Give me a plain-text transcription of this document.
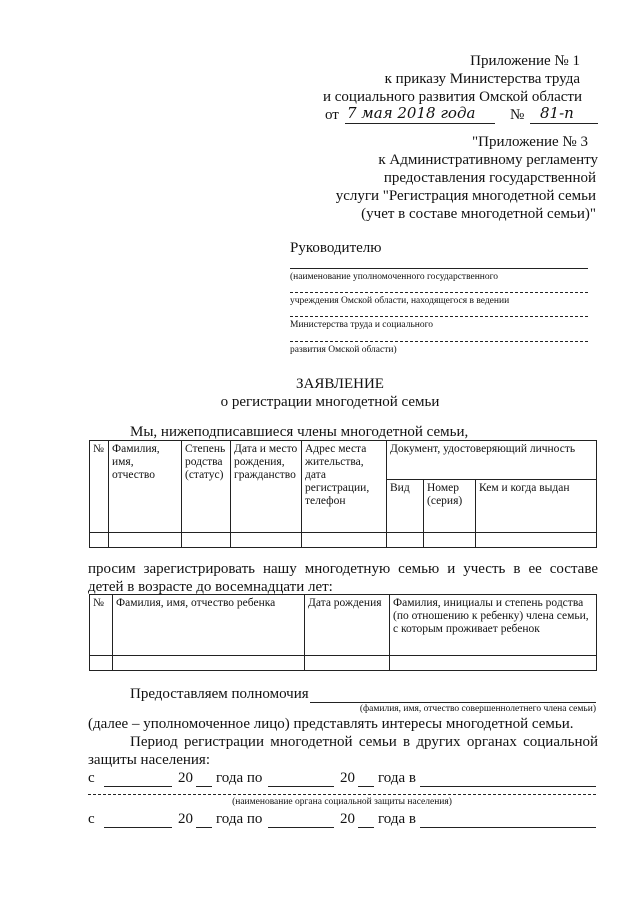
Приложение № 1
к приказу Министерства труда
и социального развития Омской области
от 7 мая 2018 года № 81-п
"Приложение № 3
к Административному регламенту
предоставления государственной
услуги "Регистрация многодетной семьи
(учет в составе многодетной семьи)"
Руководителю
(наименование уполномоченного государственного
учреждения Омской области, находящегося в ведении
Министерства труда и социального
развития Омской области)
ЗАЯВЛЕНИЕ
о регистрации многодетной семьи
Мы, нижеподписавшиеся члены многодетной семьи,
№	Фамилия, имя, отчество	Степень родства (статус)	Дата и место рождения, гражданство	Адрес места жительства, дата регистрации, телефон	Документ, удостоверяющий личность		
					Вид	Номер (серия)	Кем и когда выдан

просим зарегистрировать нашу многодетную семью и учесть в ее составе
детей в возрасте до восемнадцати лет:
№	Фамилия, имя, отчество ребенка	Дата рождения	Фамилия, инициалы и степень родства (по отношению к ребенку) члена семьи, с которым проживает ребенок

Предоставляем полномочия
(фамилия, имя, отчество совершеннолетнего члена семьи)
(далее – уполномоченное лицо) представлять интересы многодетной семьи.
Период регистрации многодетной семьи в других органах социальной
защиты населения:
с	20 года по	20 года в
(наименование органа социальной защиты населения)
с	20 года по	20 года в
